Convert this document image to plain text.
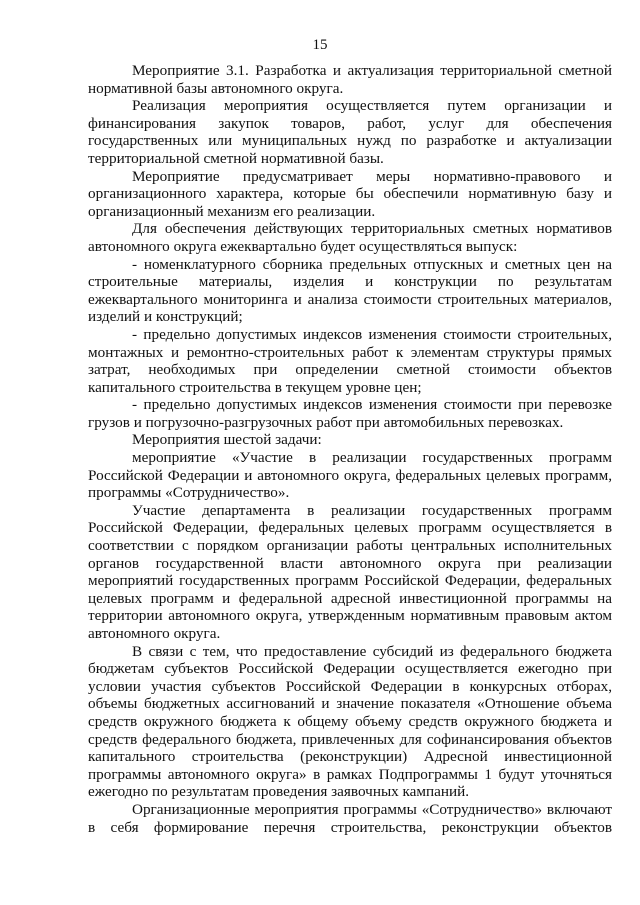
15
Мероприятие 3.1. Разработка и актуализация территориальной сметной
нормативной базы автономного округа.
Реализация мероприятия осуществляется путем организации и
финансирования закупок товаров, работ, услуг для обеспечения
государственных или муниципальных нужд по разработке и актуализации
территориальной сметной нормативной базы.
Мероприятие предусматривает меры нормативно-правового и
организационного характера, которые бы обеспечили нормативную базу и
организационный механизм его реализации.
Для обеспечения действующих территориальных сметных нормативов
автономного округа ежеквартально будет осуществляться выпуск:
- номенклатурного сборника предельных отпускных и сметных цен на
строительные материалы, изделия и конструкции по результатам
ежеквартального мониторинга и анализа стоимости строительных материалов,
изделий и конструкций;
- предельно допустимых индексов изменения стоимости строительных,
монтажных и ремонтно-строительных работ к элементам структуры прямых
затрат, необходимых при определении сметной стоимости объектов
капитального строительства в текущем уровне цен;
- предельно допустимых индексов изменения стоимости при перевозке
грузов и погрузочно-разгрузочных работ при автомобильных перевозках.
Мероприятия шестой задачи:
мероприятие «Участие в реализации государственных программ
Российской Федерации и автономного округа, федеральных целевых программ,
программы «Сотрудничество».
Участие департамента в реализации государственных программ
Российской Федерации, федеральных целевых программ осуществляется в
соответствии с порядком организации работы центральных исполнительных
органов государственной власти автономного округа при реализации
мероприятий государственных программ Российской Федерации, федеральных
целевых программ и федеральной адресной инвестиционной программы на
территории автономного округа, утвержденным нормативным правовым актом
автономного округа.
В связи с тем, что предоставление субсидий из федерального бюджета
бюджетам субъектов Российской Федерации осуществляется ежегодно при
условии участия субъектов Российской Федерации в конкурсных отборах,
объемы бюджетных ассигнований и значение показателя «Отношение объема
средств окружного бюджета к общему объему средств окружного бюджета и
средств федерального бюджета, привлеченных для софинансирования объектов
капитального строительства (реконструкции) Адресной инвестиционной
программы автономного округа» в рамках Подпрограммы 1 будут уточняться
ежегодно по результатам проведения заявочных кампаний.
Организационные мероприятия программы «Сотрудничество» включают
в себя формирование перечня строительства, реконструкции объектов
